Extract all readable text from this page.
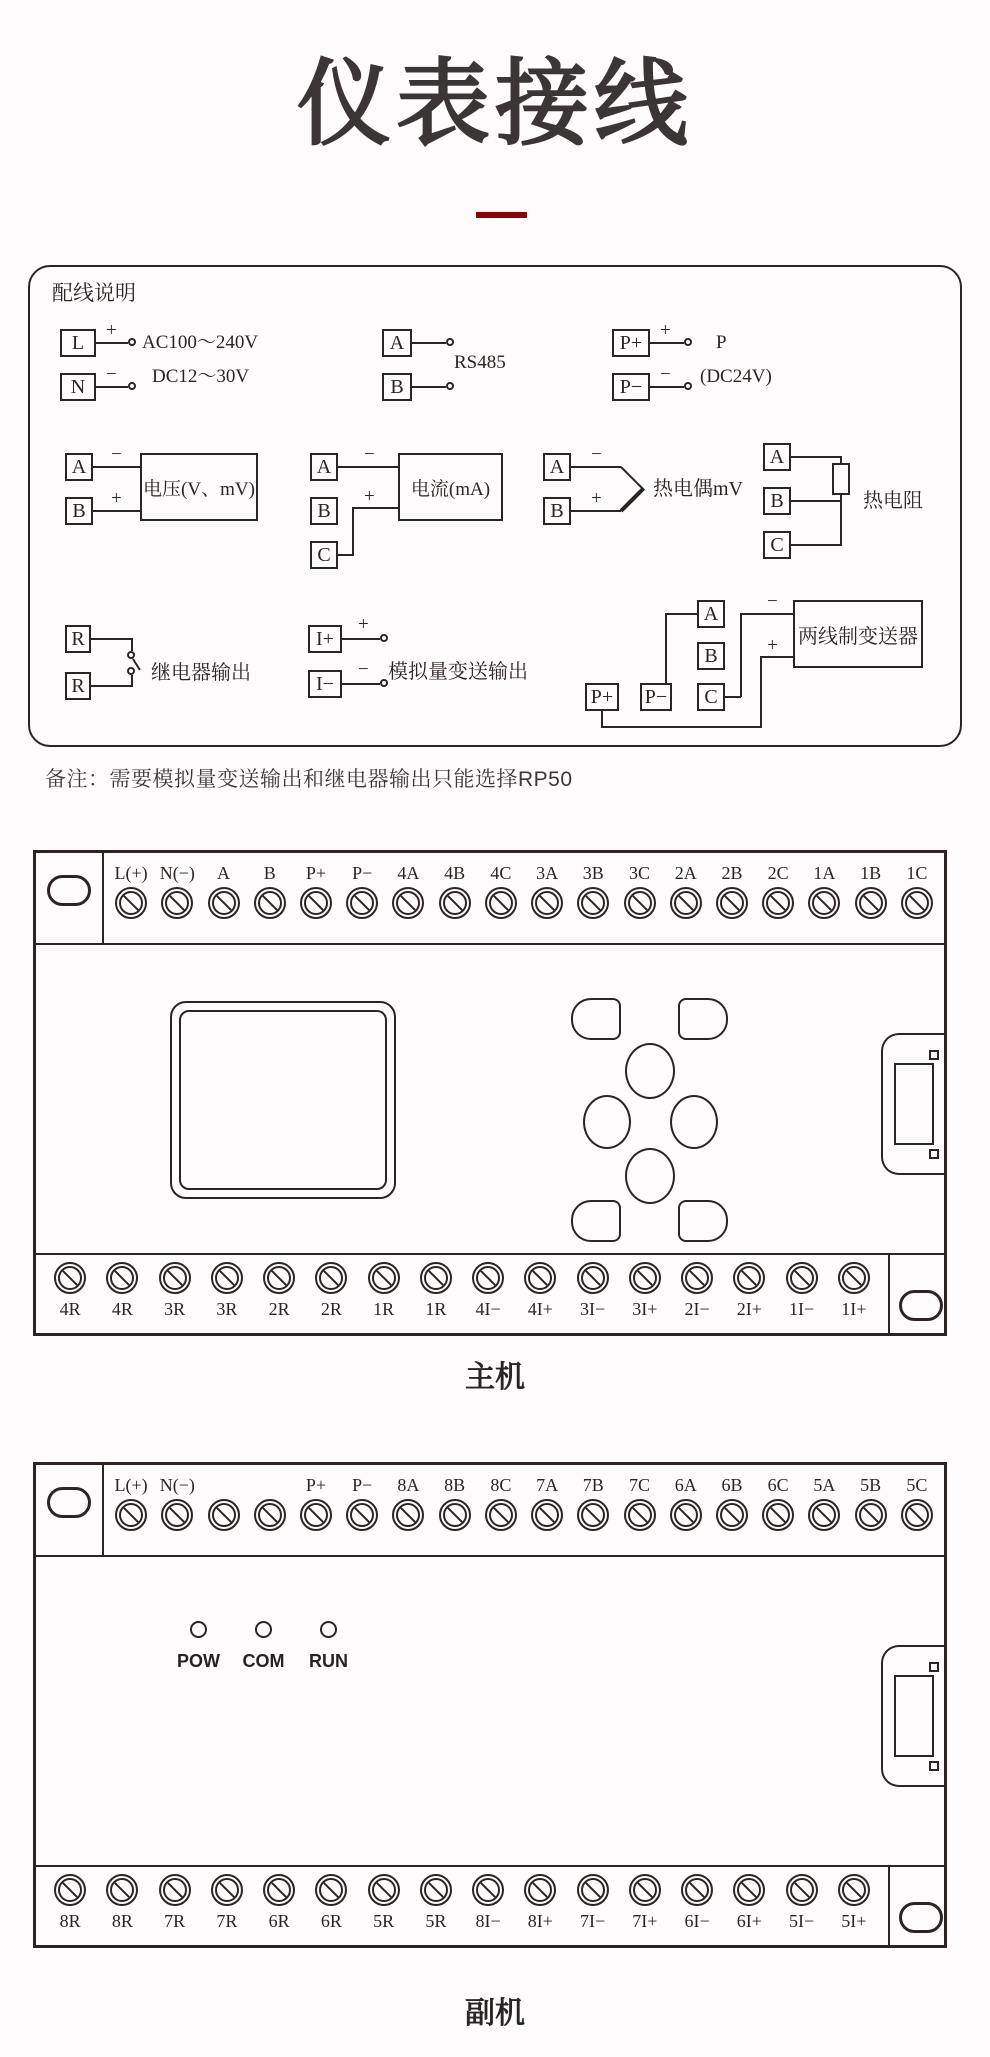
仪表接线
配线说明
L
N
+
−
AC100～240V
DC12～30V
A
B
RS485
P+
P−
+
−
P
(DC24V)
A
B
−
+ 电压(V、mV)
A
B
C
−
+	电流(mA)
A
B
−
+	热电偶mV
A
B
C
热电阻
R
R
继电器输出
I+
I−
+
− 模拟量变送输出
A
B
C
P+ P−
−
+ 两线制变送器
备注：需要模拟量变送输出和继电器输出只能选择RP50
L(+) N(−) A B P+ P− 4A 4B 4C 3A 3B 3C 2A 2B 2C 1A 1B 1C
4R 4R 3R 3R 2R 2R 1R 1R 4I− 4I+ 3I− 3I+ 2I− 2I+ 1I− 1I+
主机
L(+) N(−)	P+ P− 8A 8B 8C 7A 7B 7C 6A 6B 6C 5A 5B 5C
POW COM RUN
8R 8R 7R 7R 6R 6R 5R 5R 8I− 8I+ 7I− 7I+ 6I− 6I+ 5I− 5I+
副机
